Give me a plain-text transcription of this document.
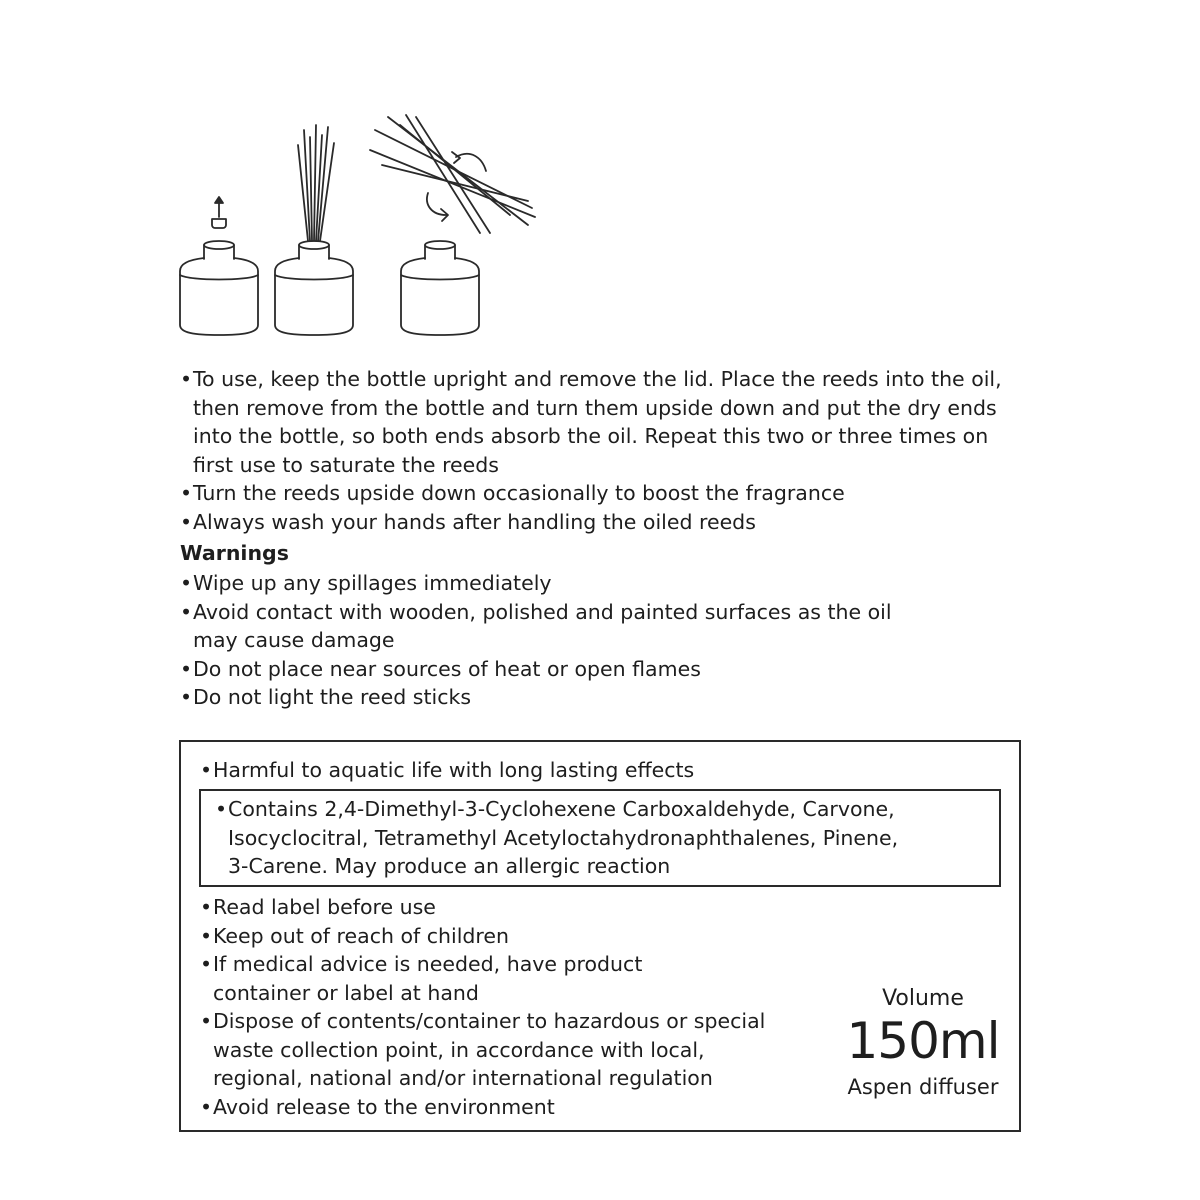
• To use, keep the bottle upright and remove the lid. Place the reeds into the oil, then remove from the bottle and turn them upside down and put the dry ends into the bottle, so both ends absorb the oil. Repeat this two or three times on first use to saturate the reeds
• Turn the reeds upside down occasionally to boost the fragrance
• Always wash your hands after handling the oiled reeds
Warnings
• Wipe up any spillages immediately
• Avoid contact with wooden, polished and painted surfaces as the oil may cause damage
• Do not place near sources of heat or open flames
• Do not light the reed sticks
• Harmful to aquatic life with long lasting effects
• Contains 2,4-Dimethyl-3-Cyclohexene Carboxaldehyde, Carvone, Isocyclocitral, Tetramethyl Acetyloctahydronaphthalenes, Pinene, 3-Carene. May produce an allergic reaction
• Read label before use
• Keep out of reach of children
• If medical advice is needed, have product container or label at hand
• Dispose of contents/container to hazardous or special waste collection point, in accordance with local, regional, national and/or international regulation
• Avoid release to the environment
Volume
150ml
Aspen diffuser
